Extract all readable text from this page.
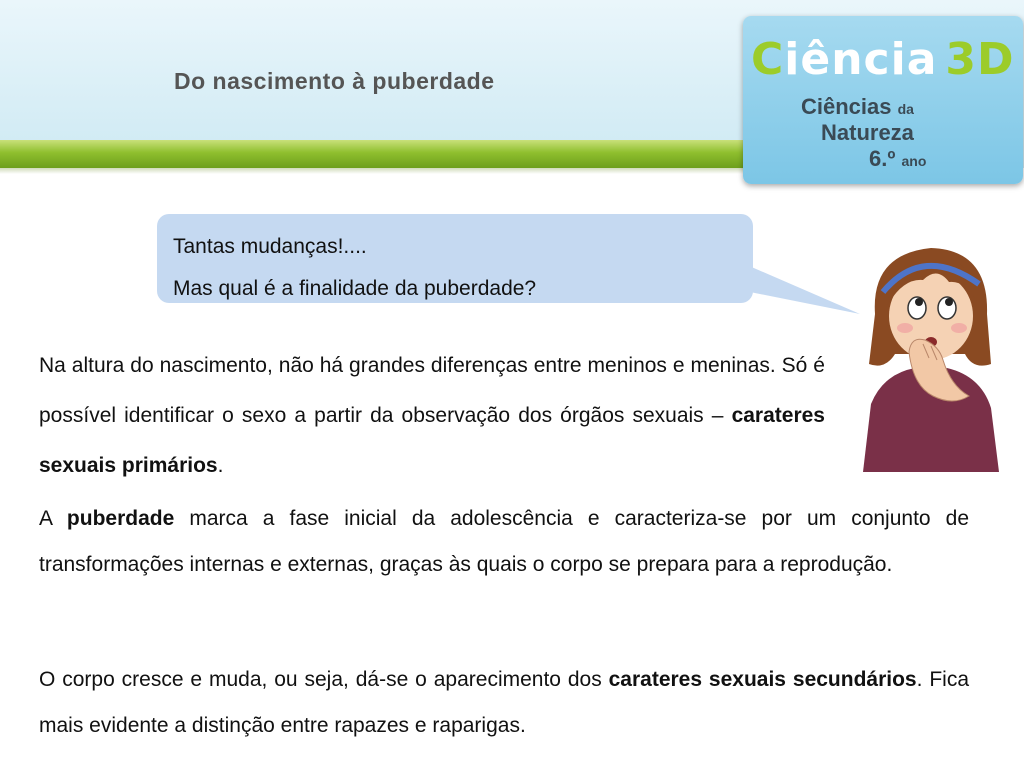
Do nascimento à puberdade	Ciência 3D
Ciências da
Natureza
6.º ano

Tantas mudanças!....

Mas qual é a finalidade da puberdade?

Na altura do nascimento, não há grandes diferenças entre meninos e meninas. Só é possível identificar o sexo a partir da observação dos órgãos sexuais – carateres sexuais primários.

A puberdade marca a fase inicial da adolescência e caracteriza-se por um conjunto de transformações internas e externas, graças às quais o corpo se prepara para a reprodução.

O corpo cresce e muda, ou seja, dá-se o aparecimento dos carateres sexuais secundários. Fica mais evidente a distinção entre rapazes e raparigas.
